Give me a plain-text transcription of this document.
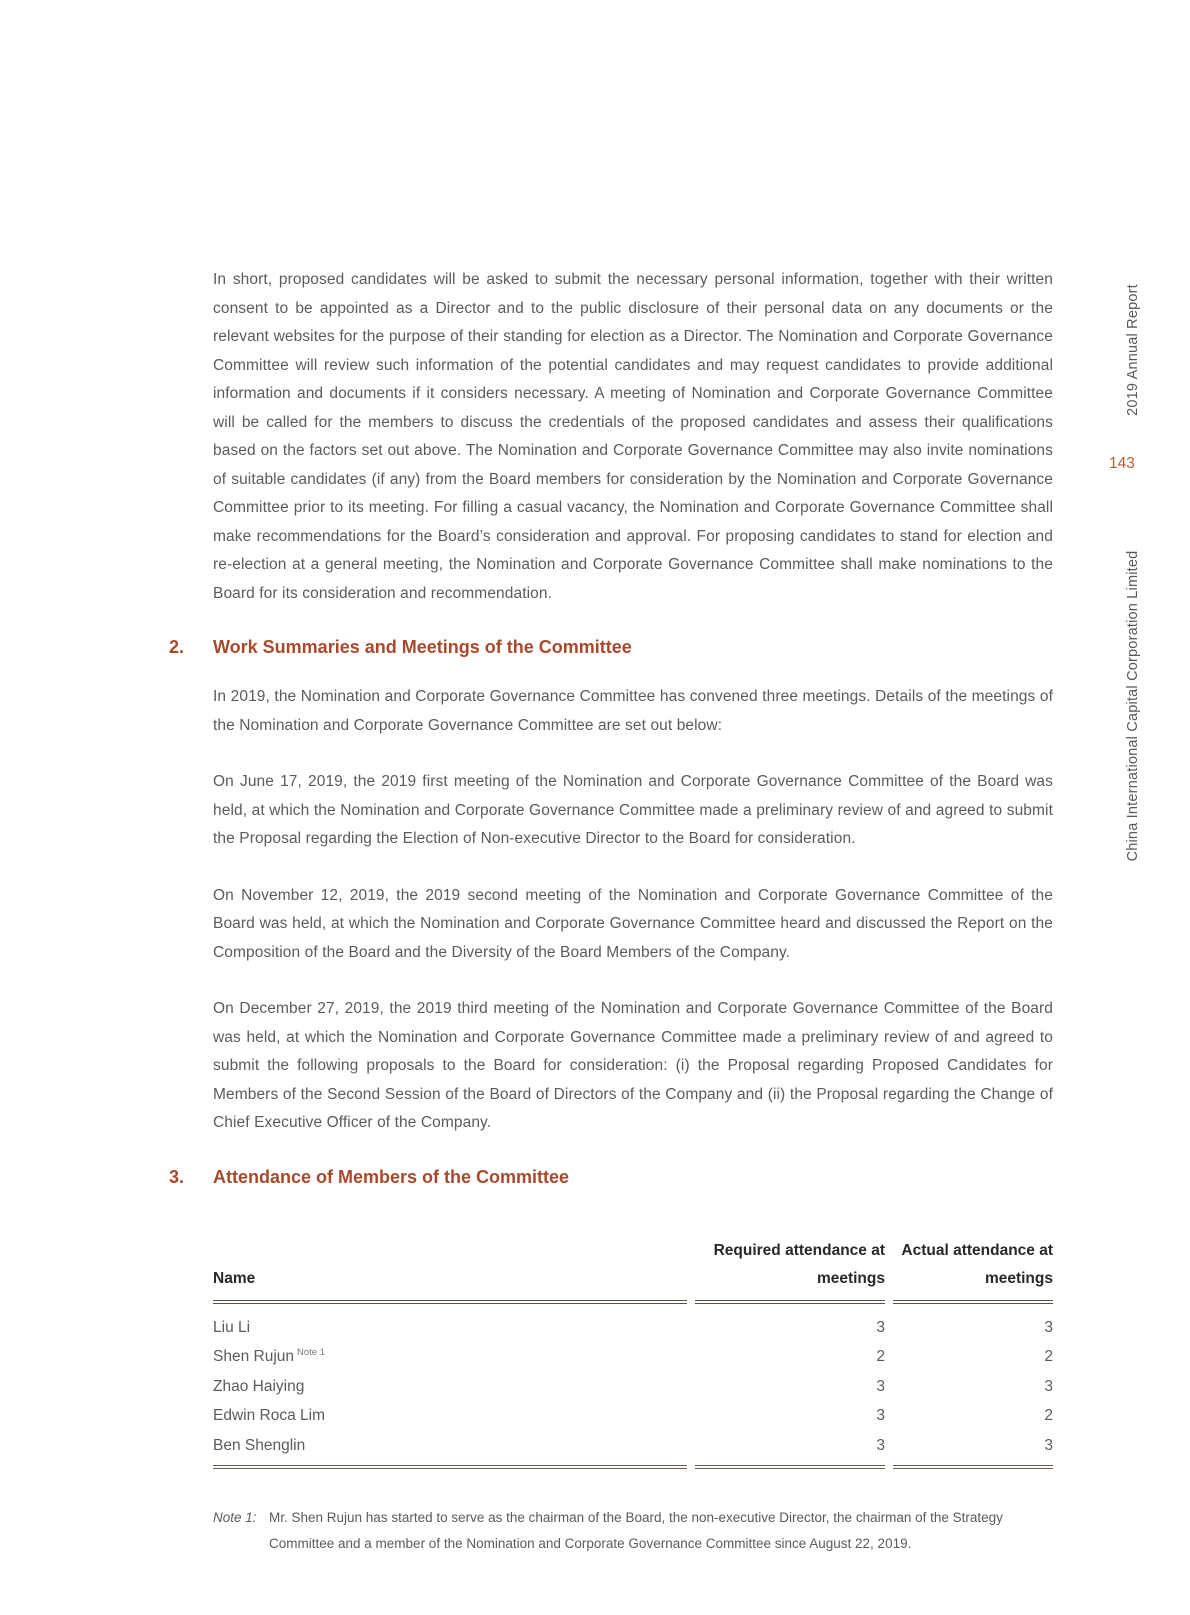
In short, proposed candidates will be asked to submit the necessary personal information, together with their written consent to be appointed as a Director and to the public disclosure of their personal data on any documents or the relevant websites for the purpose of their standing for election as a Director. The Nomination and Corporate Governance Committee will review such information of the potential candidates and may request candidates to provide additional information and documents if it considers necessary. A meeting of Nomination and Corporate Governance Committee will be called for the members to discuss the credentials of the proposed candidates and assess their qualifications based on the factors set out above. The Nomination and Corporate Governance Committee may also invite nominations of suitable candidates (if any) from the Board members for consideration by the Nomination and Corporate Governance Committee prior to its meeting. For filling a casual vacancy, the Nomination and Corporate Governance Committee shall make recommendations for the Board’s consideration and approval. For proposing candidates to stand for election and re-election at a general meeting, the Nomination and Corporate Governance Committee shall make nominations to the Board for its consideration and recommendation.

2. Work Summaries and Meetings of the Committee

In 2019, the Nomination and Corporate Governance Committee has convened three meetings. Details of the meetings of the Nomination and Corporate Governance Committee are set out below:

On June 17, 2019, the 2019 first meeting of the Nomination and Corporate Governance Committee of the Board was held, at which the Nomination and Corporate Governance Committee made a preliminary review of and agreed to submit the Proposal regarding the Election of Non-executive Director to the Board for consideration.

On November 12, 2019, the 2019 second meeting of the Nomination and Corporate Governance Committee of the Board was held, at which the Nomination and Corporate Governance Committee heard and discussed the Report on the Composition of the Board and the Diversity of the Board Members of the Company.

On December 27, 2019, the 2019 third meeting of the Nomination and Corporate Governance Committee of the Board was held, at which the Nomination and Corporate Governance Committee made a preliminary review of and agreed to submit the following proposals to the Board for consideration: (i) the Proposal regarding Proposed Candidates for Members of the Second Session of the Board of Directors of the Company and (ii) the Proposal regarding the Change of Chief Executive Officer of the Company.

3. Attendance of Members of the Committee
Name
Required attendance at meetings
Actual attendance at meetings
Liu Li	3	3
Shen Rujun $^{Note 1}$	2	2
Zhao Haiying	3	3
Edwin Roca Lim	3	2
Ben Shenglin	3	3
Note 1: Mr. Shen Rujun has started to serve as the chairman of the Board, the non-executive Director, the chairman of the Strategy Committee and a member of the Nomination and Corporate Governance Committee since August 22, 2019.
2019 Annual Report
143
China International Capital Corporation Limited
